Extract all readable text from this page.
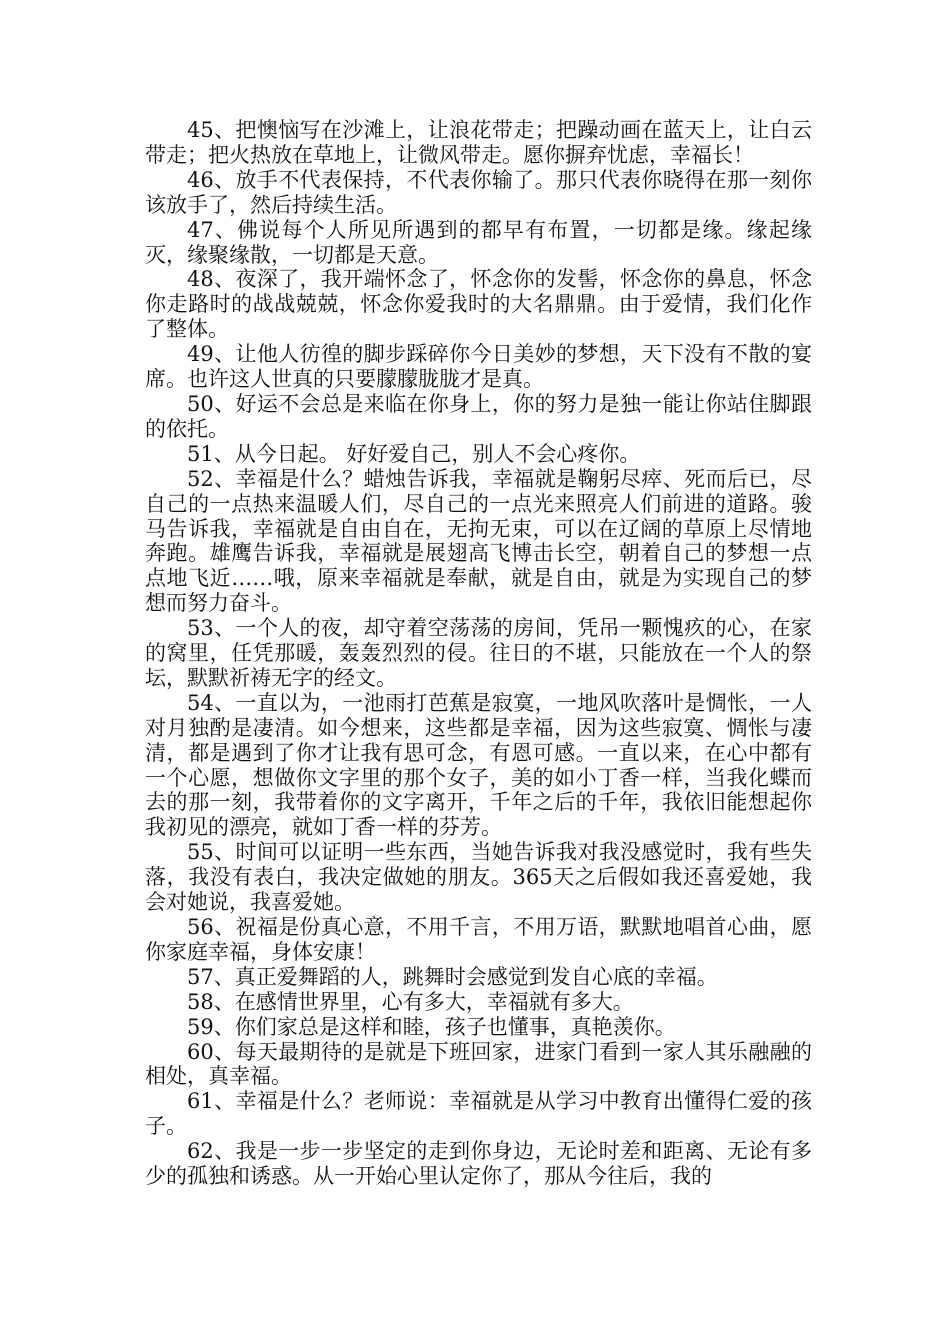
45、把懊恼写在沙滩上，让浪花带走；把躁动画在蓝天上，让白云带走；把火热放在草地上，让微风带走。愿你摒弃忧虑，幸福长！

46、放手不代表保持，不代表你输了。那只代表你晓得在那一刻你该放手了，然后持续生活。

47、佛说每个人所见所遇到的都早有布置，一切都是缘。缘起缘灭，缘聚缘散，一切都是天意。

48、夜深了，我开端怀念了，怀念你的发髻，怀念你的鼻息，怀念你走路时的战战兢兢，怀念你爱我时的大名鼎鼎。由于爱情，我们化作了整体。

49、让他人彷徨的脚步踩碎你今日美妙的梦想，天下没有不散的宴席。也许这人世真的只要朦朦胧胧才是真。

50、好运不会总是来临在你身上，你的努力是独一能让你站住脚跟的依托。

51、从今日起。 好好爱自己，别人不会心疼你。

52、幸福是什么？蜡烛告诉我，幸福就是鞠躬尽瘁、死而后已，尽自己的一点热来温暖人们，尽自己的一点光来照亮人们前进的道路。骏马告诉我，幸福就是自由自在，无拘无束，可以在辽阔的草原上尽情地奔跑。雄鹰告诉我，幸福就是展翅高飞博击长空，朝着自己的梦想一点点地飞近……哦，原来幸福就是奉献，就是自由，就是为实现自己的梦想而努力奋斗。

53、一个人的夜，却守着空荡荡的房间，凭吊一颗愧疚的心，在家的窝里，任凭那暖，轰轰烈烈的侵。往日的不堪，只能放在一个人的祭坛，默默祈祷无字的经文。

54、一直以为，一池雨打芭蕉是寂寞，一地风吹落叶是惆怅，一人对月独酌是凄清。如今想来，这些都是幸福，因为这些寂寞、惆怅与凄清，都是遇到了你才让我有思可念，有恩可感。一直以来，在心中都有一个心愿，想做你文字里的那个女子，美的如小丁香一样，当我化蝶而去的那一刻，我带着你的文字离开，千年之后的千年，我依旧能想起你我初见的漂亮，就如丁香一样的芬芳。

55、时间可以证明一些东西，当她告诉我对我没感觉时，我有些失落，我没有表白，我决定做她的朋友。365天之后假如我还喜爱她，我会对她说，我喜爱她。

56、祝福是份真心意，不用千言，不用万语，默默地唱首心曲，愿你家庭幸福，身体安康！

57、真正爱舞蹈的人，跳舞时会感觉到发自心底的幸福。

58、在感情世界里，心有多大，幸福就有多大。

59、你们家总是这样和睦，孩子也懂事，真艳羡你。

60、每天最期待的是就是下班回家，进家门看到一家人其乐融融的相处，真幸福。

61、幸福是什么？老师说：幸福就是从学习中教育出懂得仁爱的孩子。

62、我是一步一步坚定的走到你身边，无论时差和距离、无论有多少的孤独和诱惑。从一开始心里认定你了，那从今往后，我的
